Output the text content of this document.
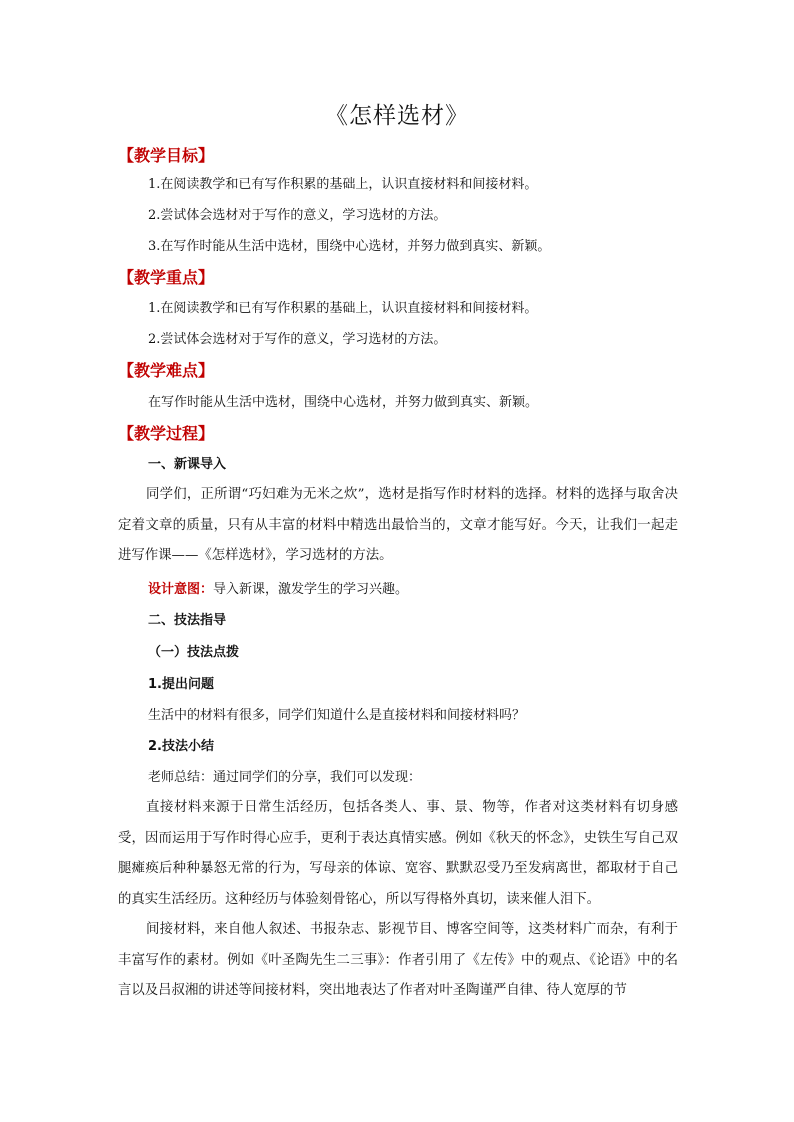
《怎样选材》
【教学目标】
1.在阅读教学和已有写作积累的基础上，认识直接材料和间接材料。
2.尝试体会选材对于写作的意义，学习选材的方法。
3.在写作时能从生活中选材，围绕中心选材，并努力做到真实、新颖。
【教学重点】
1.在阅读教学和已有写作积累的基础上，认识直接材料和间接材料。
2.尝试体会选材对于写作的意义，学习选材的方法。
【教学难点】
在写作时能从生活中选材，围绕中心选材，并努力做到真实、新颖。
【教学过程】
一、新课导入
同学们，正所谓“巧妇难为无米之炊”，选材是指写作时材料的选择。材料的选择与取舍决定着文章的质量，只有从丰富的材料中精选出最恰当的，文章才能写好。今天，让我们一起走进写作课——《怎样选材》，学习选材的方法。
设计意图：导入新课，激发学生的学习兴趣。
二、技法指导
（一）技法点拨
1.提出问题
生活中的材料有很多，同学们知道什么是直接材料和间接材料吗？
2.技法小结
老师总结：通过同学们的分享，我们可以发现：
直接材料来源于日常生活经历，包括各类人、事、景、物等，作者对这类材料有切身感受，因而运用于写作时得心应手，更利于表达真情实感。例如《秋天的怀念》，史铁生写自己双腿瘫痪后种种暴怒无常的行为，写母亲的体谅、宽容、默默忍受乃至发病离世，都取材于自己的真实生活经历。这种经历与体验刻骨铭心，所以写得格外真切，读来催人泪下。
间接材料，来自他人叙述、书报杂志、影视节目、博客空间等，这类材料广而杂，有利于丰富写作的素材。例如《叶圣陶先生二三事》：作者引用了《左传》中的观点、《论语》中的名言以及吕叔湘的讲述等间接材料，突出地表达了作者对叶圣陶谨严自律、待人宽厚的节
